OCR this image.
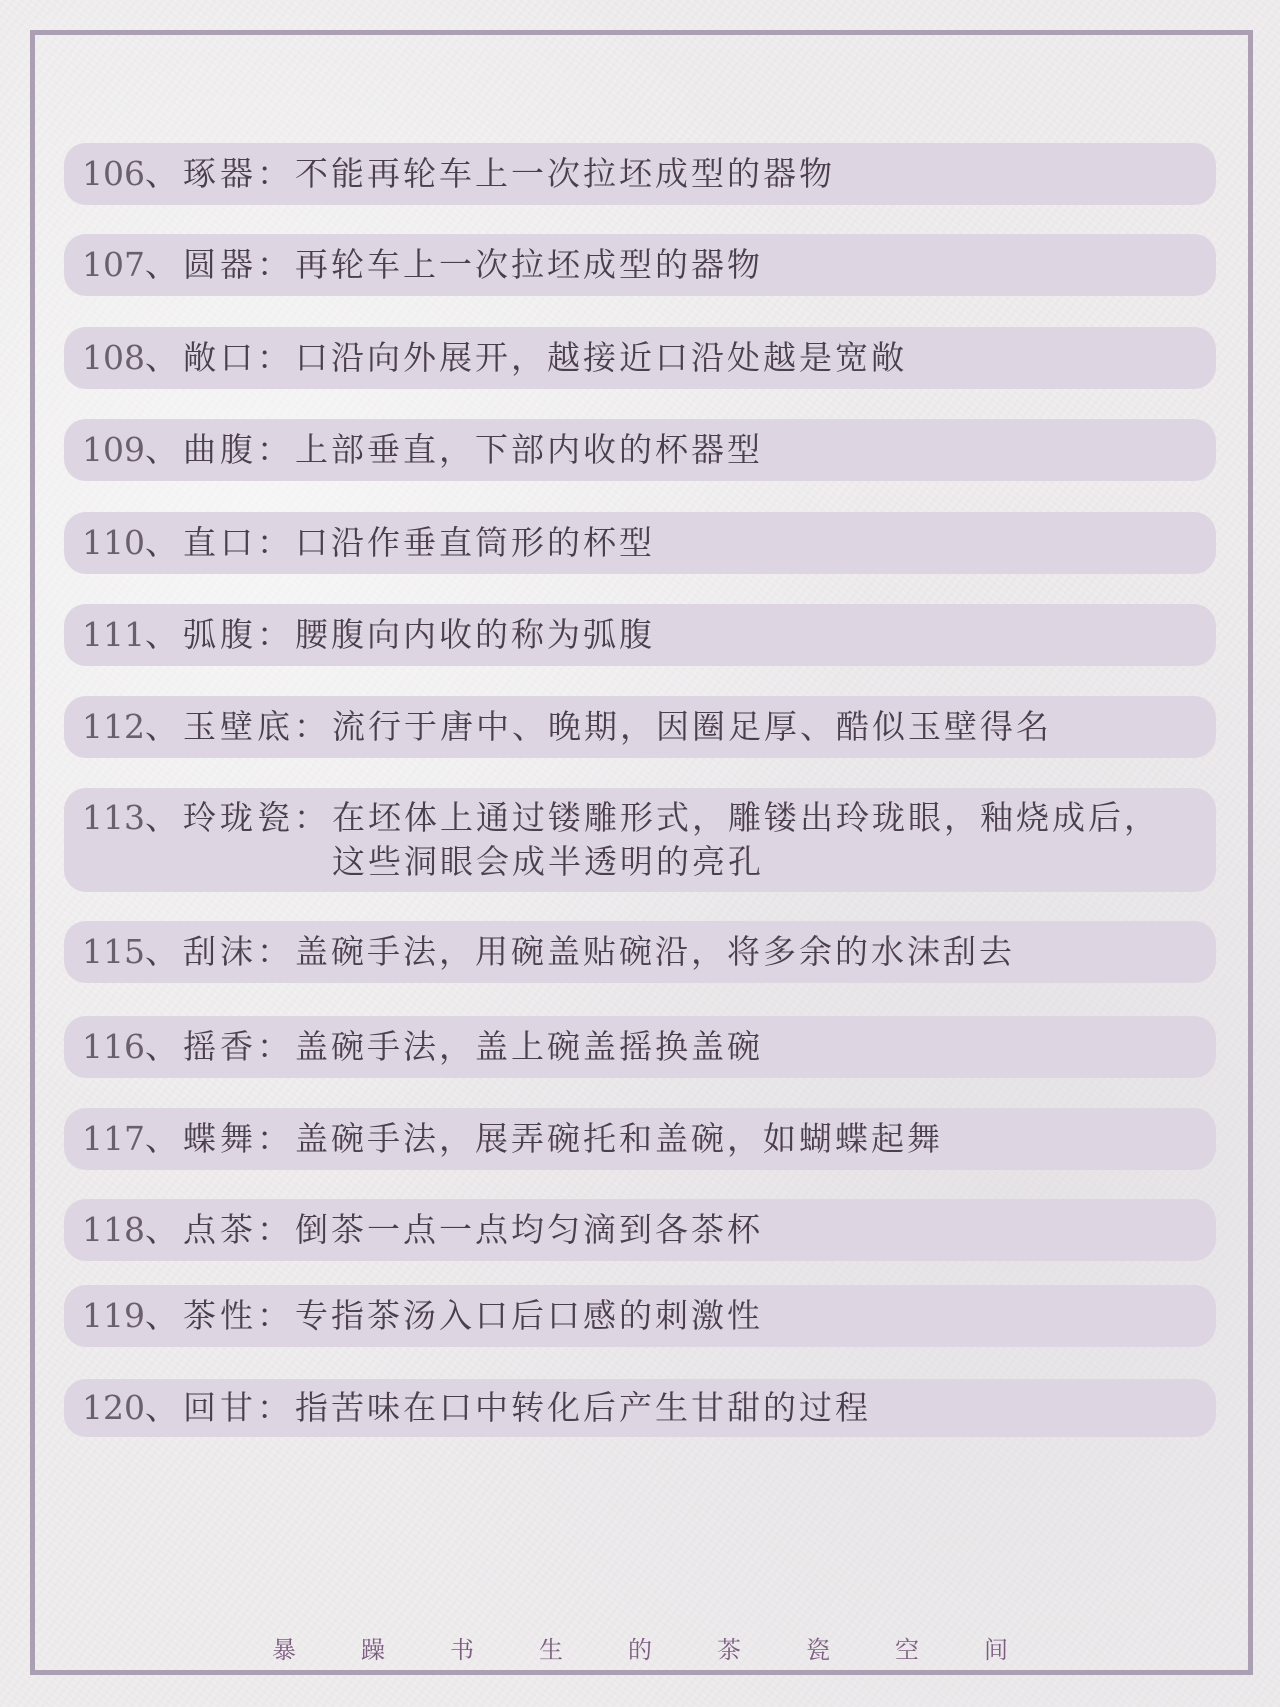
106 、 琢器 ： 不能再轮车上一次拉坯成型的器物
107 、 圆器 ： 再轮车上一次拉坯成型的器物
108 、 敞口 ： 口沿向外展开，越接近口沿处越是宽敞
109 、 曲腹 ： 上部垂直，下部内收的杯器型
110 、 直口 ： 口沿作垂直筒形的杯型
111 、 弧腹 ： 腰腹向内收的称为弧腹
112 、 玉壁底 ： 流行于唐中、晚期，因圈足厚、酷似玉壁得名
113 、 玲珑瓷 ： 在坯体上通过镂雕形式，雕镂出玲珑眼，釉烧成后，
这些洞眼会成半透明的亮孔
115 、 刮沫 ： 盖碗手法，用碗盖贴碗沿，将多余的水沫刮去
116 、 摇香 ： 盖碗手法，盖上碗盖摇换盖碗
117 、 蝶舞 ： 盖碗手法，展弄碗托和盖碗，如蝴蝶起舞
118 、 点茶 ： 倒茶一点一点均匀滴到各茶杯
119 、 茶性 ： 专指茶汤入口后口感的刺激性
120 、 回甘 ： 指苦味在口中转化后产生甘甜的过程
暴	躁	书	生	的	茶	瓷	空	间
